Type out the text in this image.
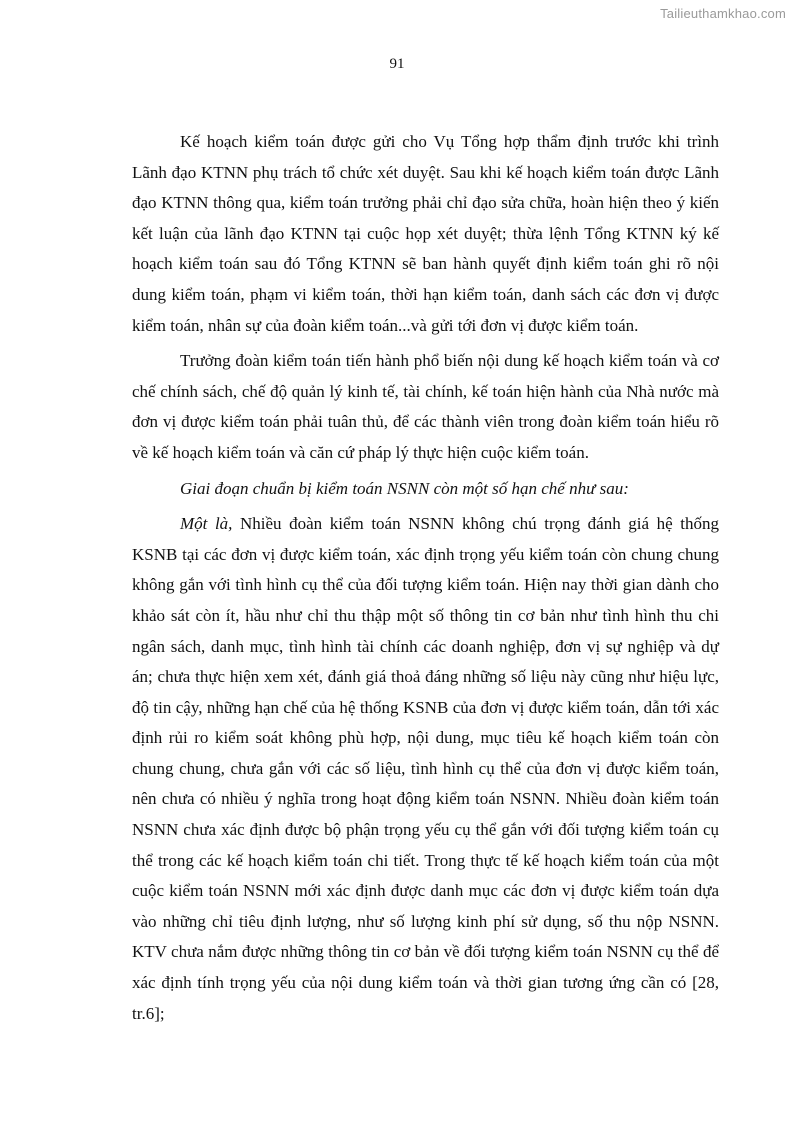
Tailieuthamkhao.com
91

Kế hoạch kiểm toán được gửi cho Vụ Tổng hợp thẩm định trước khi trình Lãnh đạo KTNN phụ trách tổ chức xét duyệt. Sau khi kế hoạch kiểm toán được Lãnh đạo KTNN thông qua, kiểm toán trưởng phải chỉ đạo sửa chữa, hoàn hiện theo ý kiến kết luận của lãnh đạo KTNN tại cuộc họp xét duyệt; thừa lệnh Tổng KTNN ký kế hoạch kiểm toán sau đó Tổng KTNN sẽ ban hành quyết định kiểm toán ghi rõ nội dung kiểm toán, phạm vi kiểm toán, thời hạn kiểm toán, danh sách các đơn vị được kiểm toán, nhân sự của đoàn kiểm toán...và gửi tới đơn vị được kiểm toán.

Trưởng đoàn kiểm toán tiến hành phổ biến nội dung kế hoạch kiểm toán và cơ chế chính sách, chế độ quản lý kinh tế, tài chính, kế toán hiện hành của Nhà nước mà đơn vị được kiểm toán phải tuân thủ, để các thành viên trong đoàn kiểm toán hiểu rõ về kế hoạch kiểm toán và căn cứ pháp lý thực hiện cuộc kiểm toán.

Giai đoạn chuẩn bị kiểm toán NSNN còn một số hạn chế như sau:

Một là, Nhiều đoàn kiểm toán NSNN không chú trọng đánh giá hệ thống KSNB tại các đơn vị được kiểm toán, xác định trọng yếu kiểm toán còn chung chung không gắn với tình hình cụ thể của đối tượng kiểm toán. Hiện nay thời gian dành cho khảo sát còn ít, hầu như chỉ thu thập một số thông tin cơ bản như tình hình thu chi ngân sách, danh mục, tình hình tài chính các doanh nghiệp, đơn vị sự nghiệp và dự án; chưa thực hiện xem xét, đánh giá thoả đáng những số liệu này cũng như hiệu lực, độ tin cậy, những hạn chế của hệ thống KSNB của đơn vị được kiểm toán, dẫn tới xác định rủi ro kiểm soát không phù hợp, nội dung, mục tiêu kế hoạch kiểm toán còn chung chung, chưa gắn với các số liệu, tình hình cụ thể của đơn vị được kiểm toán, nên chưa có nhiều ý nghĩa trong hoạt động kiểm toán NSNN. Nhiều đoàn kiểm toán NSNN chưa xác định được bộ phận trọng yếu cụ thể gắn với đối tượng kiểm toán cụ thể trong các kế hoạch kiểm toán chi tiết. Trong thực tế kế hoạch kiểm toán của một cuộc kiểm toán NSNN mới xác định được danh mục các đơn vị được kiểm toán dựa vào những chỉ tiêu định lượng, như số lượng kinh phí sử dụng, số thu nộp NSNN. KTV chưa nắm được những thông tin cơ bản về đối tượng kiểm toán NSNN cụ thể để xác định tính trọng yếu của nội dung kiểm toán và thời gian tương ứng cần có [28, tr.6];
